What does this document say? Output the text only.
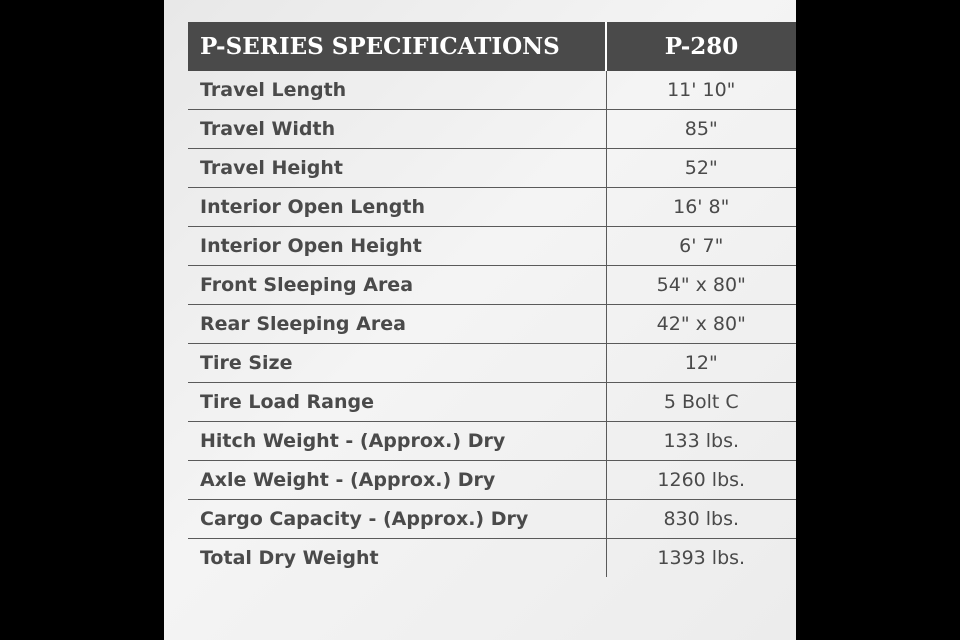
P-SERIES SPECIFICATIONS	P-280
Travel Length	11' 10"
Travel Width	85"
Travel Height	52"
Interior Open Length	16' 8"
Interior Open Height	6' 7"
Front Sleeping Area	54" x 80"
Rear Sleeping Area	42" x 80"
Tire Size	12"
Tire Load Range	5 Bolt C
Hitch Weight - (Approx.) Dry	133 lbs.
Axle Weight - (Approx.) Dry	1260 lbs.
Cargo Capacity - (Approx.) Dry	830 lbs.
Total Dry Weight	1393 lbs.
